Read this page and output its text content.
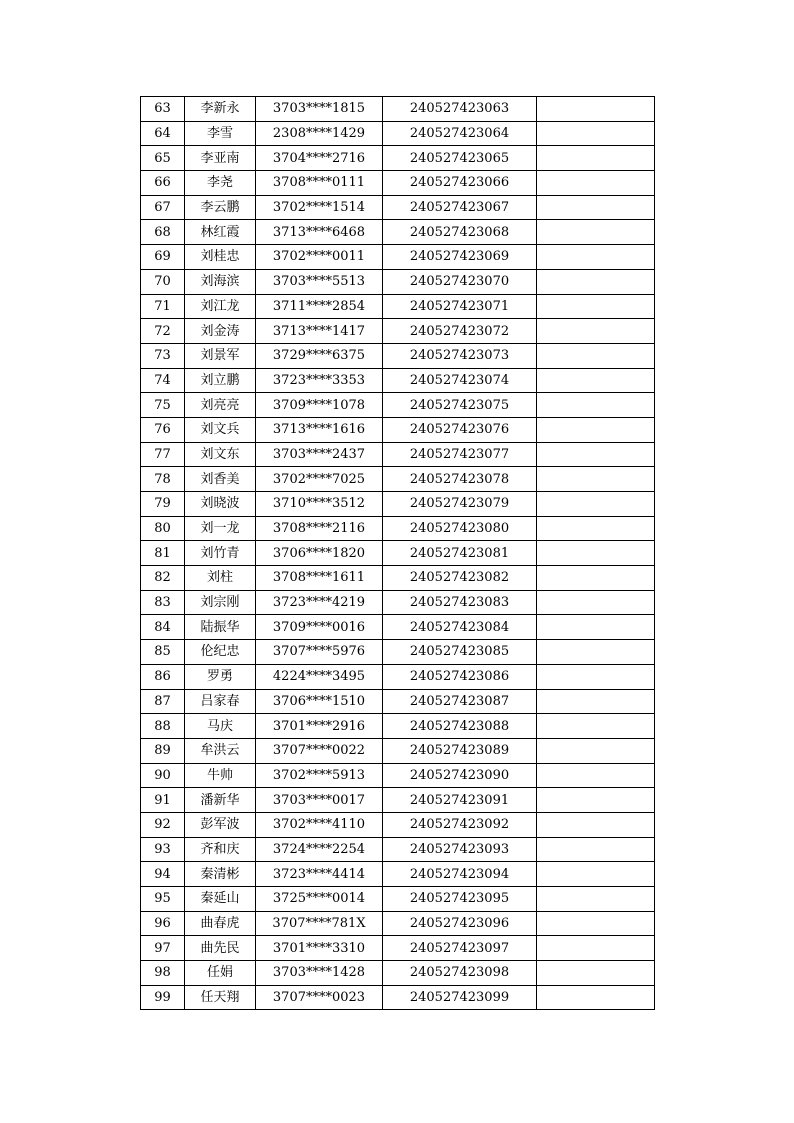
63	李新永	3703****1815	240527423063	
64	李雪	2308****1429	240527423064	
65	李亚南	3704****2716	240527423065	
66	李尧	3708****0111	240527423066	
67	李云鹏	3702****1514	240527423067	
68	林红霞	3713****6468	240527423068	
69	刘桂忠	3702****0011	240527423069	
70	刘海滨	3703****5513	240527423070	
71	刘江龙	3711****2854	240527423071	
72	刘金涛	3713****1417	240527423072	
73	刘景军	3729****6375	240527423073	
74	刘立鹏	3723****3353	240527423074	
75	刘亮亮	3709****1078	240527423075	
76	刘文兵	3713****1616	240527423076	
77	刘文东	3703****2437	240527423077	
78	刘香美	3702****7025	240527423078	
79	刘晓波	3710****3512	240527423079	
80	刘一龙	3708****2116	240527423080	
81	刘竹青	3706****1820	240527423081	
82	刘柱	3708****1611	240527423082	
83	刘宗刚	3723****4219	240527423083	
84	陆振华	3709****0016	240527423084	
85	伦纪忠	3707****5976	240527423085	
86	罗勇	4224****3495	240527423086	
87	吕家春	3706****1510	240527423087	
88	马庆	3701****2916	240527423088	
89	牟洪云	3707****0022	240527423089	
90	牛帅	3702****5913	240527423090	
91	潘新华	3703****0017	240527423091	
92	彭军波	3702****4110	240527423092	
93	齐和庆	3724****2254	240527423093	
94	秦清彬	3723****4414	240527423094	
95	秦延山	3725****0014	240527423095	
96	曲春虎	3707****781X	240527423096	
97	曲先民	3701****3310	240527423097	
98	任娟	3703****1428	240527423098	
99	任天翔	3707****0023	240527423099	
